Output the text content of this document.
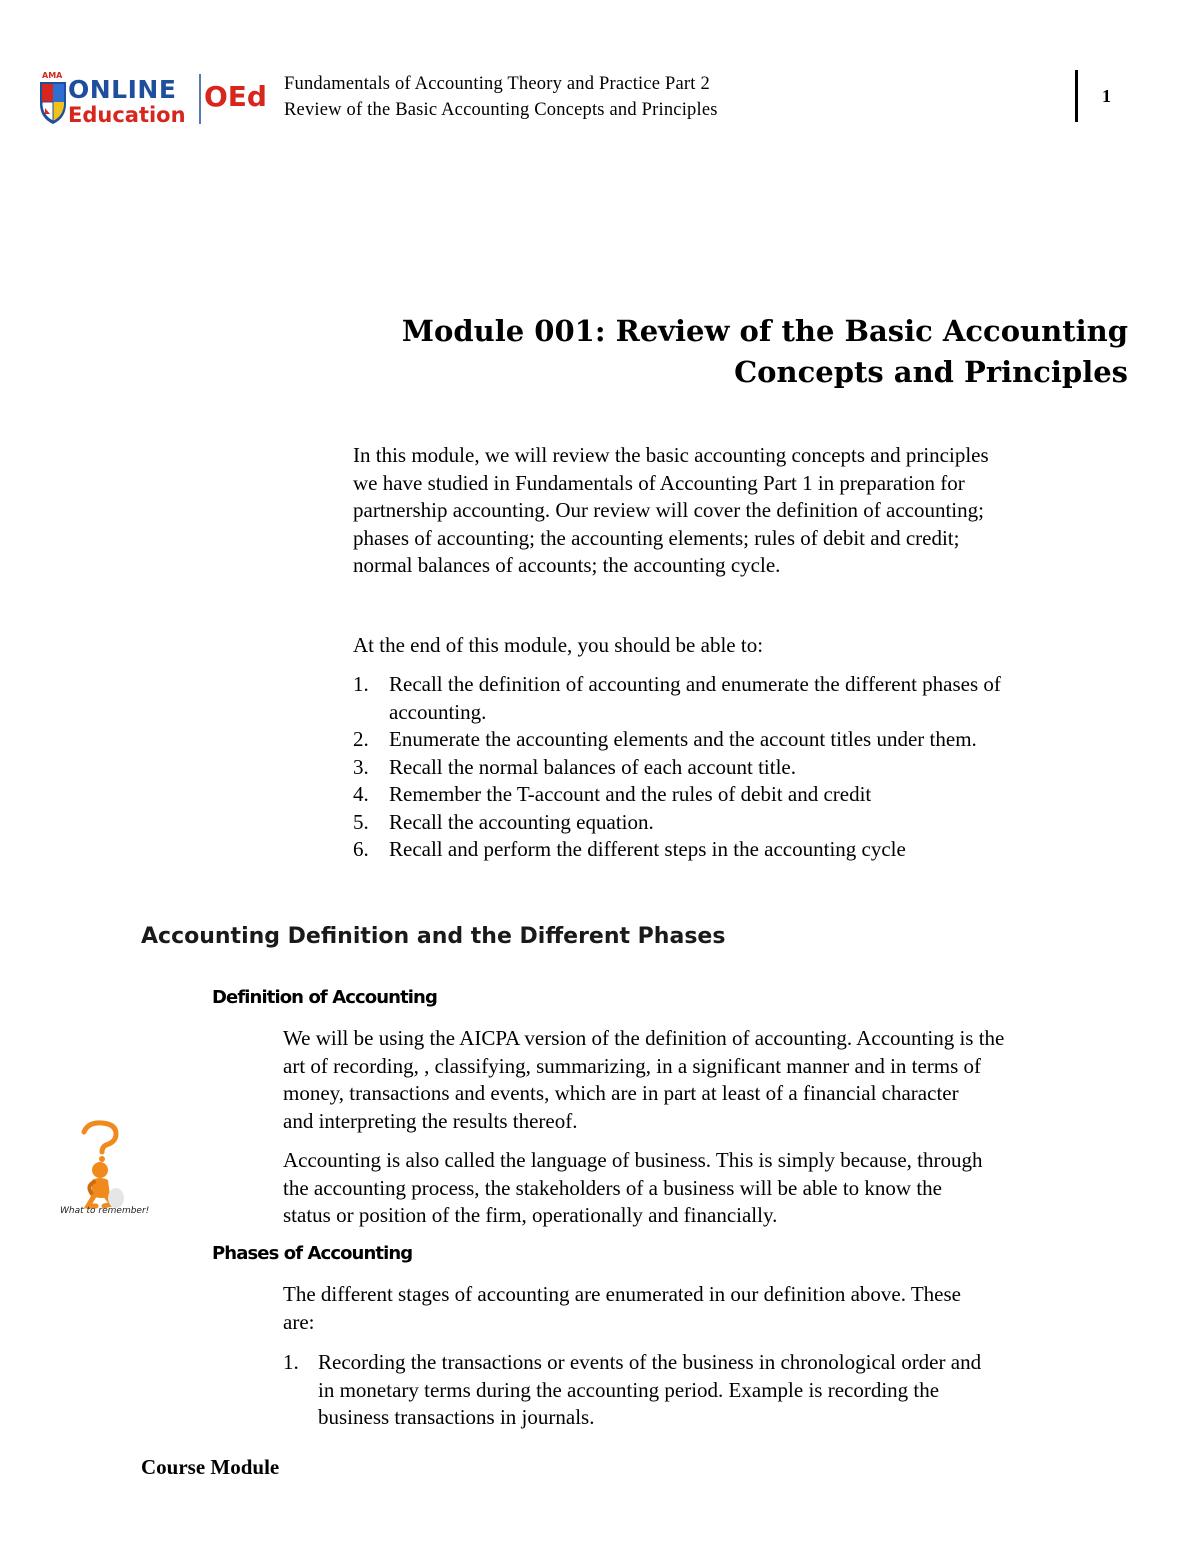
AMA ONLINE
Education
OEd Fundamentals of Accounting Theory and Practice Part 2
Review of the Basic Accounting Concepts and Principles
1
Module 001: Review of the Basic Accounting
Concepts and Principles
In this module, we will review the basic accounting concepts and principles
we have studied in Fundamentals of Accounting Part 1 in preparation for
partnership accounting. Our review will cover the definition of accounting;
phases of accounting; the accounting elements; rules of debit and credit;
normal balances of accounts; the accounting cycle.
At the end of this module, you should be able to:
1. Recall the definition of accounting and enumerate the different phases of
accounting.
2. Enumerate the accounting elements and the account titles under them.
3. Recall the normal balances of each account title.
4. Remember the T-account and the rules of debit and credit
5. Recall the accounting equation.
6. Recall and perform the different steps in the accounting cycle
Accounting Definition and the Different Phases
Definition of Accounting
We will be using the AICPA version of the definition of accounting. Accounting is the
art of recording, , classifying, summarizing, in a significant manner and in terms of
money, transactions and events, which are in part at least of a financial character
and interpreting the results thereof.
Accounting is also called the language of business. This is simply because, through
the accounting process, the stakeholders of a business will be able to know the
status or position of the firm, operationally and financially.
What to remember!
Phases of Accounting
The different stages of accounting are enumerated in our definition above. These
are:
1. Recording the transactions or events of the business in chronological order and
in monetary terms during the accounting period. Example is recording the
business transactions in journals.
Course Module
